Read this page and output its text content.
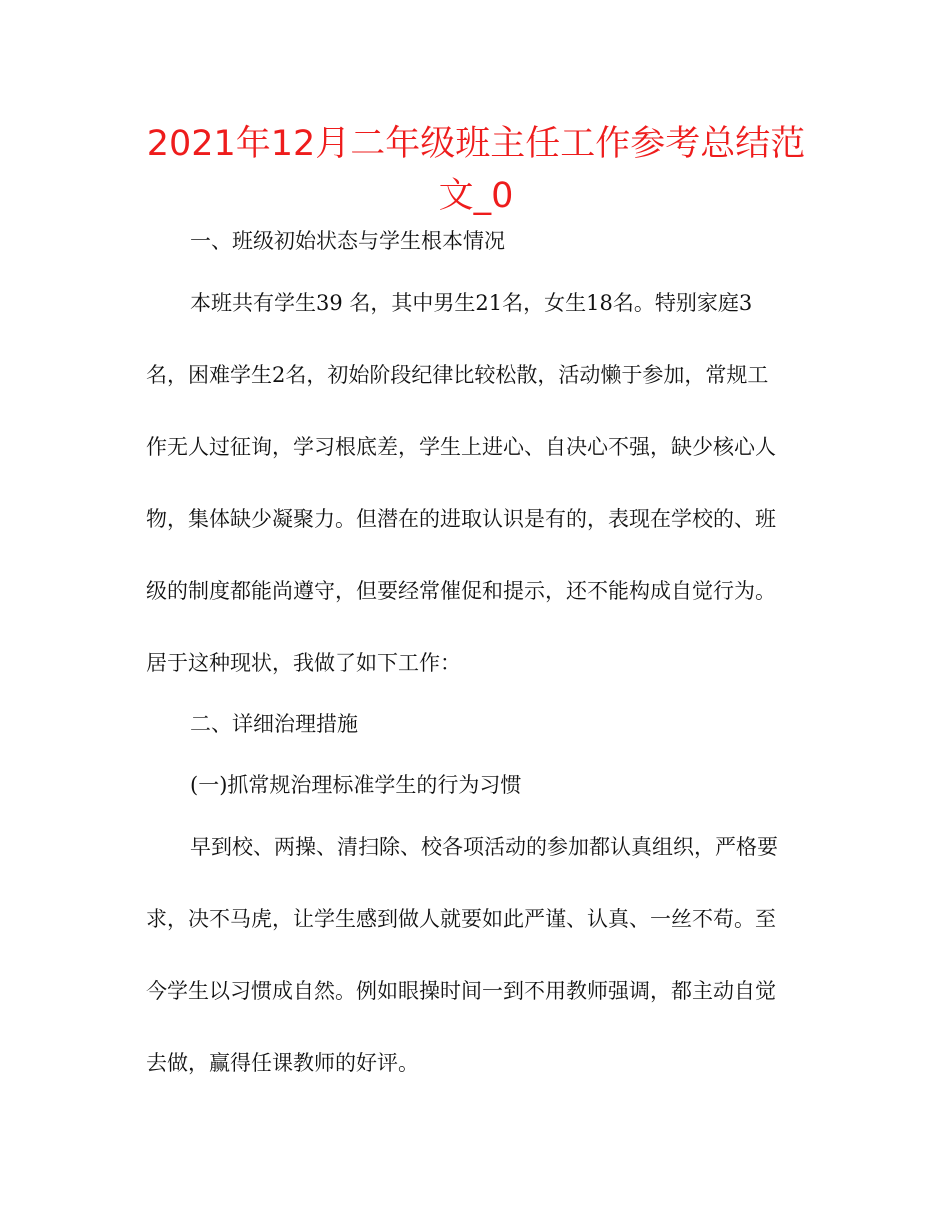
2021年12月二年级班主任工作参考总结范文_0

一、班级初始状态与学生根本情况

本班共有学生39 名，其中男生21名，女生18名。特别家庭3

名，困难学生2名，初始阶段纪律比较松散，活动懒于参加，常规工

作无人过征询，学习根底差，学生上进心、自决心不强，缺少核心人

物，集体缺少凝聚力。但潜在的进取认识是有的，表现在学校的、班

级的制度都能尚遵守，但要经常催促和提示，还不能构成自觉行为。

居于这种现状，我做了如下工作：

二、详细治理措施

(一)抓常规治理标准学生的行为习惯

早到校、两操、清扫除、校各项活动的参加都认真组织，严格要

求，决不马虎，让学生感到做人就要如此严谨、认真、一丝不苟。至

今学生以习惯成自然。例如眼操时间一到不用教师强调，都主动自觉

去做，赢得任课教师的好评。
